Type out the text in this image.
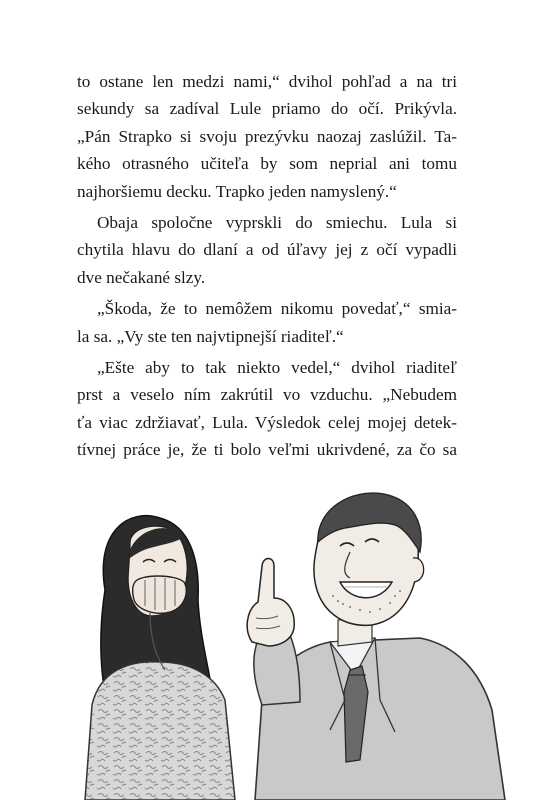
to ostane len medzi nami,“ dvihol pohľad a na tri
sekundy sa zadíval Lule priamo do očí. Prikývla.
„Pán Strapko si svoju prezývku naozaj zaslúžil. Ta-
kého otrasného učiteľa by som neprial ani tomu
najhoršiemu decku. Trapko jeden namyslený.“
Obaja spoločne vyprskli do smiechu. Lula si
chytila hlavu do dlaní a od úľavy jej z očí vypadli
dve nečakané slzy.
„Škoda, že to nemôžem nikomu povedať,“ smia-
la sa. „Vy ste ten najvtipnejší riaditeľ.“
„Ešte aby to tak niekto vedel,“ dvihol riaditeľ
prst a veselo ním zakrútil vo vzduchu. „Nebudem
ťa viac zdržiavať, Lula. Výsledok celej mojej detek-
tívnej práce je, že ti bolo veľmi ukrivdené, za čo sa
